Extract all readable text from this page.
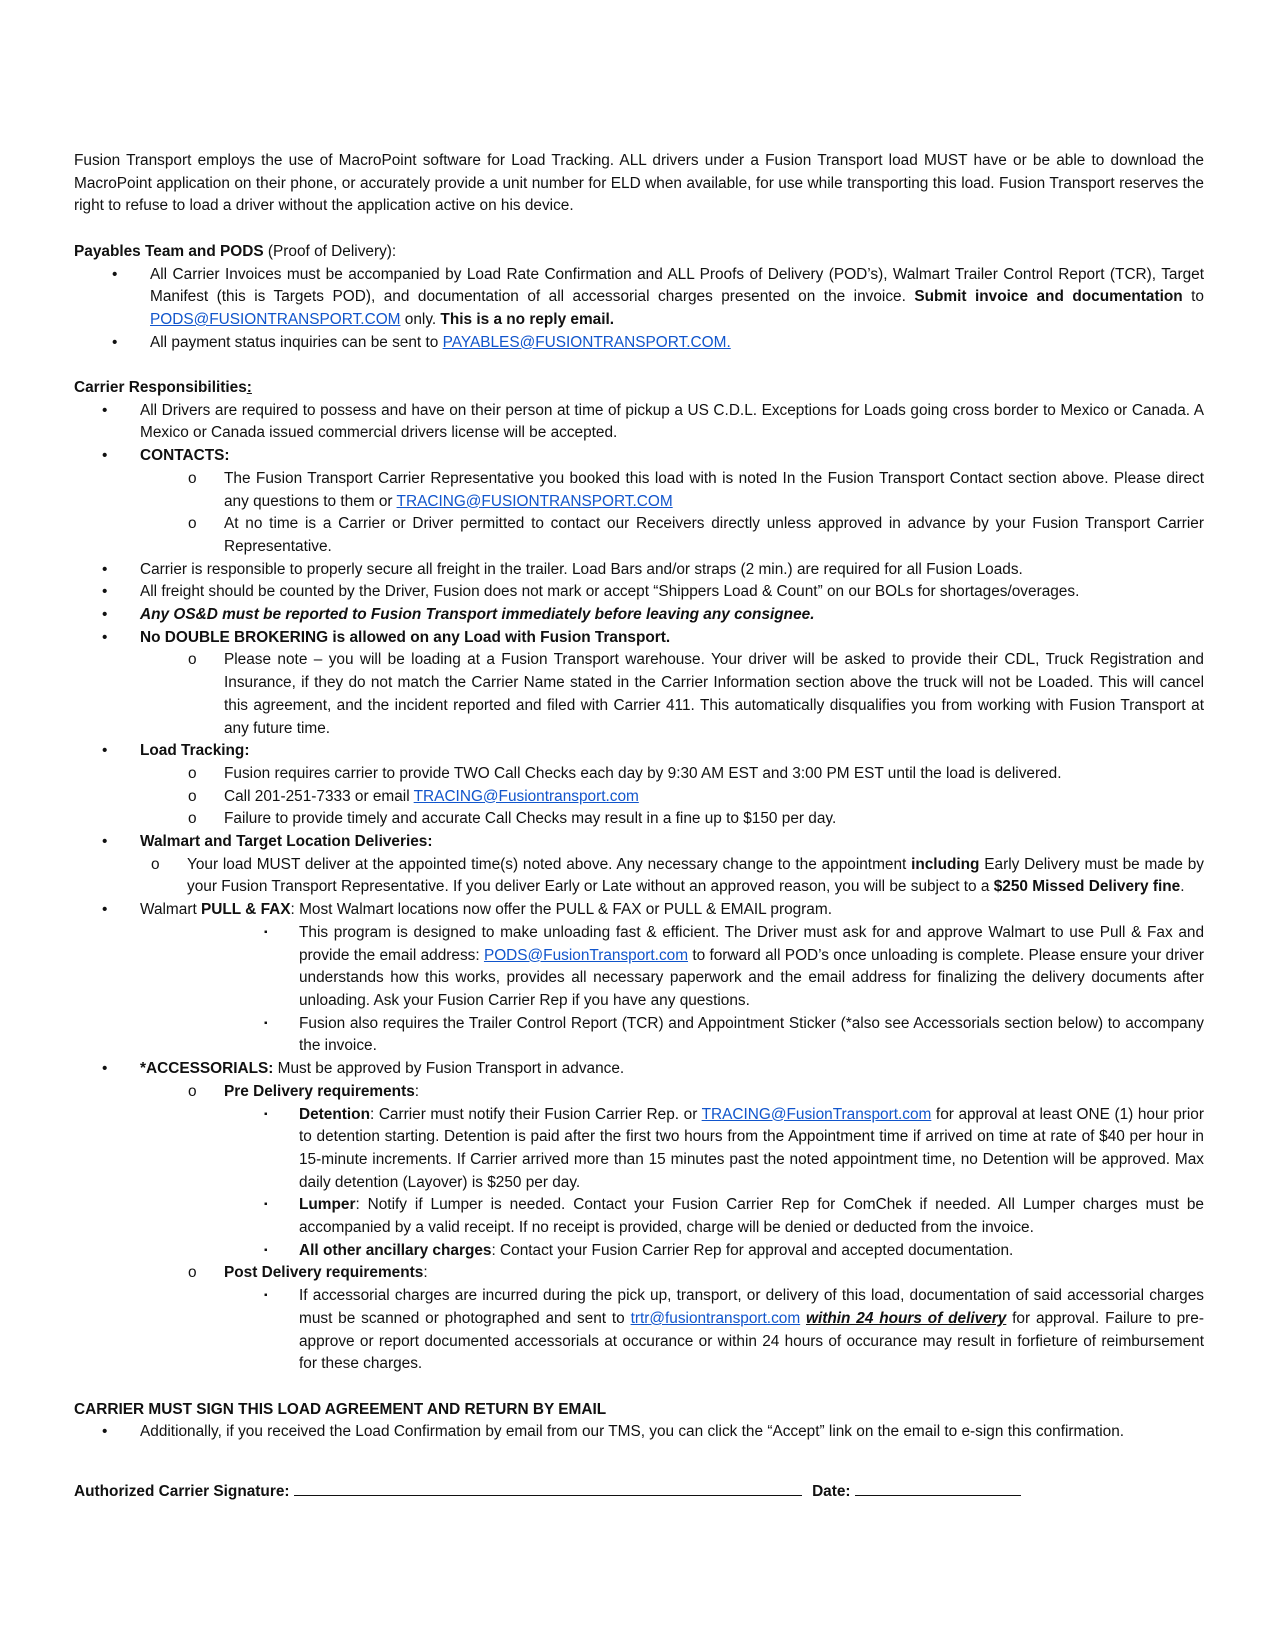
Fusion Transport employs the use of MacroPoint software for Load Tracking. ALL drivers under a Fusion Transport load MUST have or be able to download the MacroPoint application on their phone, or accurately provide a unit number for ELD when available, for use while transporting this load. Fusion Transport reserves the right to refuse to load a driver without the application active on his device.

Payables Team and PODS (Proof of Delivery):

• All Carrier Invoices must be accompanied by Load Rate Confirmation and ALL Proofs of Delivery (POD’s), Walmart Trailer Control Report (TCR), Target Manifest (this is Targets POD), and documentation of all accessorial charges presented on the invoice. Submit invoice and documentation to PODS@FUSIONTRANSPORT.COM only. This is a no reply email.
• All payment status inquiries can be sent to PAYABLES@FUSIONTRANSPORT.COM.

Carrier Responsibilities:

• All Drivers are required to possess and have on their person at time of pickup a US C.D.L. Exceptions for Loads going cross border to Mexico or Canada. A Mexico or Canada issued commercial drivers license will be accepted.
• CONTACTS:
o The Fusion Transport Carrier Representative you booked this load with is noted In the Fusion Transport Contact section above. Please direct any questions to them or TRACING@FUSIONTRANSPORT.COM
o At no time is a Carrier or Driver permitted to contact our Receivers directly unless approved in advance by your Fusion Transport Carrier Representative.
• Carrier is responsible to properly secure all freight in the trailer. Load Bars and/or straps (2 min.) are required for all Fusion Loads.
• All freight should be counted by the Driver, Fusion does not mark or accept “Shippers Load & Count” on our BOLs for shortages/overages.
• Any OS&D must be reported to Fusion Transport immediately before leaving any consignee.
• No DOUBLE BROKERING is allowed on any Load with Fusion Transport.
o Please note – you will be loading at a Fusion Transport warehouse. Your driver will be asked to provide their CDL, Truck Registration and Insurance, if they do not match the Carrier Name stated in the Carrier Information section above the truck will not be Loaded. This will cancel this agreement, and the incident reported and filed with Carrier 411. This automatically disqualifies you from working with Fusion Transport at any future time.
• Load Tracking:
o Fusion requires carrier to provide TWO Call Checks each day by 9:30 AM EST and 3:00 PM EST until the load is delivered.
o Call 201-251-7333 or email TRACING@Fusiontransport.com
o Failure to provide timely and accurate Call Checks may result in a fine up to $150 per day.
• Walmart and Target Location Deliveries:
o Your load MUST deliver at the appointed time(s) noted above. Any necessary change to the appointment including Early Delivery must be made by your Fusion Transport Representative. If you deliver Early or Late without an approved reason, you will be subject to a $250 Missed Delivery fine.
• Walmart PULL & FAX: Most Walmart locations now offer the PULL & FAX or PULL & EMAIL program.
▪ This program is designed to make unloading fast & efficient. The Driver must ask for and approve Walmart to use Pull & Fax and provide the email address: PODS@FusionTransport.com to forward all POD’s once unloading is complete. Please ensure your driver understands how this works, provides all necessary paperwork and the email address for finalizing the delivery documents after unloading. Ask your Fusion Carrier Rep if you have any questions.
▪ Fusion also requires the Trailer Control Report (TCR) and Appointment Sticker (*also see Accessorials section below) to accompany the invoice.
• *ACCESSORIALS: Must be approved by Fusion Transport in advance.
o Pre Delivery requirements:
▪ Detention: Carrier must notify their Fusion Carrier Rep. or TRACING@FusionTransport.com for approval at least ONE (1) hour prior to detention starting. Detention is paid after the first two hours from the Appointment time if arrived on time at rate of $40 per hour in 15-minute increments. If Carrier arrived more than 15 minutes past the noted appointment time, no Detention will be approved. Max daily detention (Layover) is $250 per day.
▪ Lumper: Notify if Lumper is needed. Contact your Fusion Carrier Rep for ComChek if needed. All Lumper charges must be accompanied by a valid receipt. If no receipt is provided, charge will be denied or deducted from the invoice.
▪ All other ancillary charges: Contact your Fusion Carrier Rep for approval and accepted documentation.
o Post Delivery requirements:
▪ If accessorial charges are incurred during the pick up, transport, or delivery of this load, documentation of said accessorial charges must be scanned or photographed and sent to trtr@fusiontransport.com within 24 hours of delivery for approval. Failure to pre-approve or report documented accessorials at occurance or within 24 hours of occurance may result in forfieture of reimbursement for these charges.

CARRIER MUST SIGN THIS LOAD AGREEMENT AND RETURN BY EMAIL

• Additionally, if you received the Load Confirmation by email from our TMS, you can click the “Accept” link on the email to e-sign this confirmation.

Authorized Carrier Signature:	Date:
